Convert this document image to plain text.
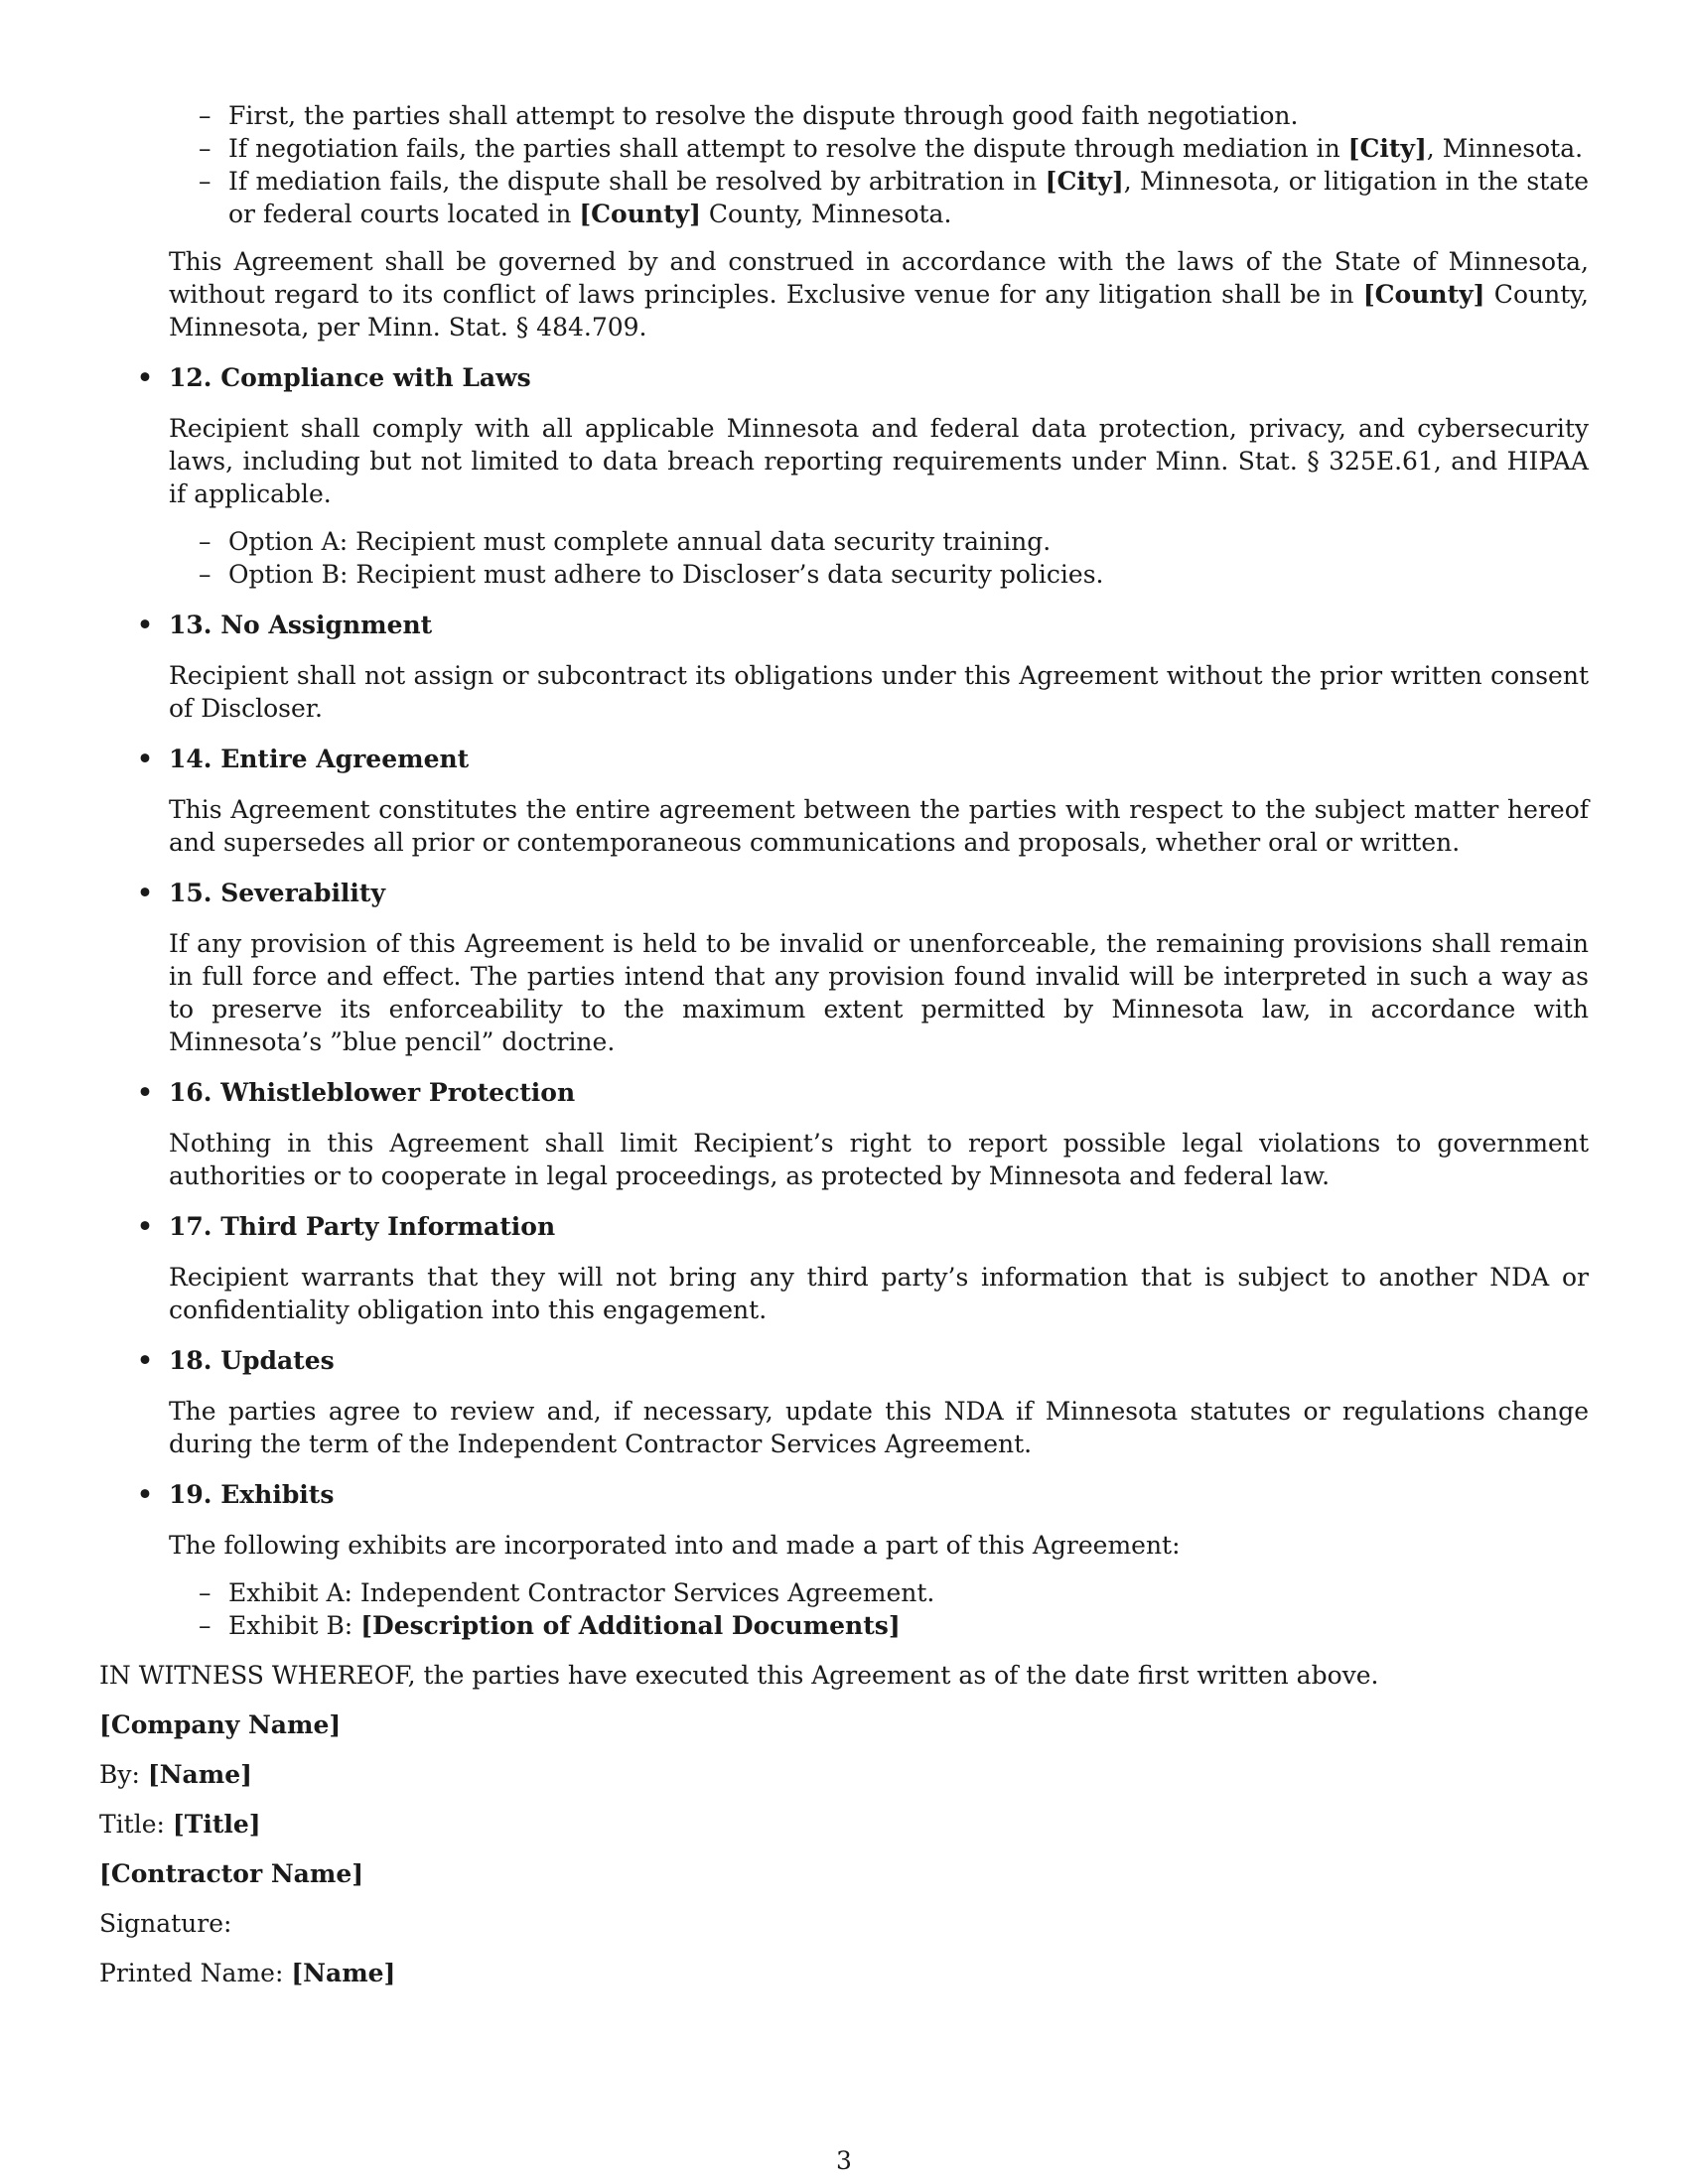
– First, the parties shall attempt to resolve the dispute through good faith negotiation.
– If negotiation fails, the parties shall attempt to resolve the dispute through mediation in [City], Minnesota.
– If mediation fails, the dispute shall be resolved by arbitration in [City], Minnesota, or litigation in the state or federal courts located in [County] County, Minnesota.

This Agreement shall be governed by and construed in accordance with the laws of the State of Minnesota, without regard to its conflict of laws principles. Exclusive venue for any litigation shall be in [County] County, Minnesota, per Minn. Stat. § 484.709.

• 12. Compliance with Laws

Recipient shall comply with all applicable Minnesota and federal data protection, privacy, and cybersecurity laws, including but not limited to data breach reporting requirements under Minn. Stat. § 325E.61, and HIPAA if applicable.

– Option A: Recipient must complete annual data security training.
– Option B: Recipient must adhere to Discloser’s data security policies.
• 13. No Assignment

Recipient shall not assign or subcontract its obligations under this Agreement without the prior written consent of Discloser.

• 14. Entire Agreement

This Agreement constitutes the entire agreement between the parties with respect to the subject matter hereof and supersedes all prior or contemporaneous communications and proposals, whether oral or written.

• 15. Severability

If any provision of this Agreement is held to be invalid or unenforceable, the remaining provisions shall remain in full force and effect. The parties intend that any provision found invalid will be interpreted in such a way as to preserve its enforceability to the maximum extent permitted by Minnesota law, in accordance with Minnesota’s ”blue pencil” doctrine.

• 16. Whistleblower Protection

Nothing in this Agreement shall limit Recipient’s right to report possible legal violations to government authorities or to cooperate in legal proceedings, as protected by Minnesota and federal law.

• 17. Third Party Information

Recipient warrants that they will not bring any third party’s information that is subject to another NDA or confidentiality obligation into this engagement.

• 18. Updates

The parties agree to review and, if necessary, update this NDA if Minnesota statutes or regulations change during the term of the Independent Contractor Services Agreement.

• 19. Exhibits

The following exhibits are incorporated into and made a part of this Agreement:

– Exhibit A: Independent Contractor Services Agreement.
– Exhibit B: [Description of Additional Documents]

IN WITNESS WHEREOF, the parties have executed this Agreement as of the date first written above.

[Company Name]

By: [Name]

Title: [Title]

[Contractor Name]

Signature:

Printed Name: [Name]

3
